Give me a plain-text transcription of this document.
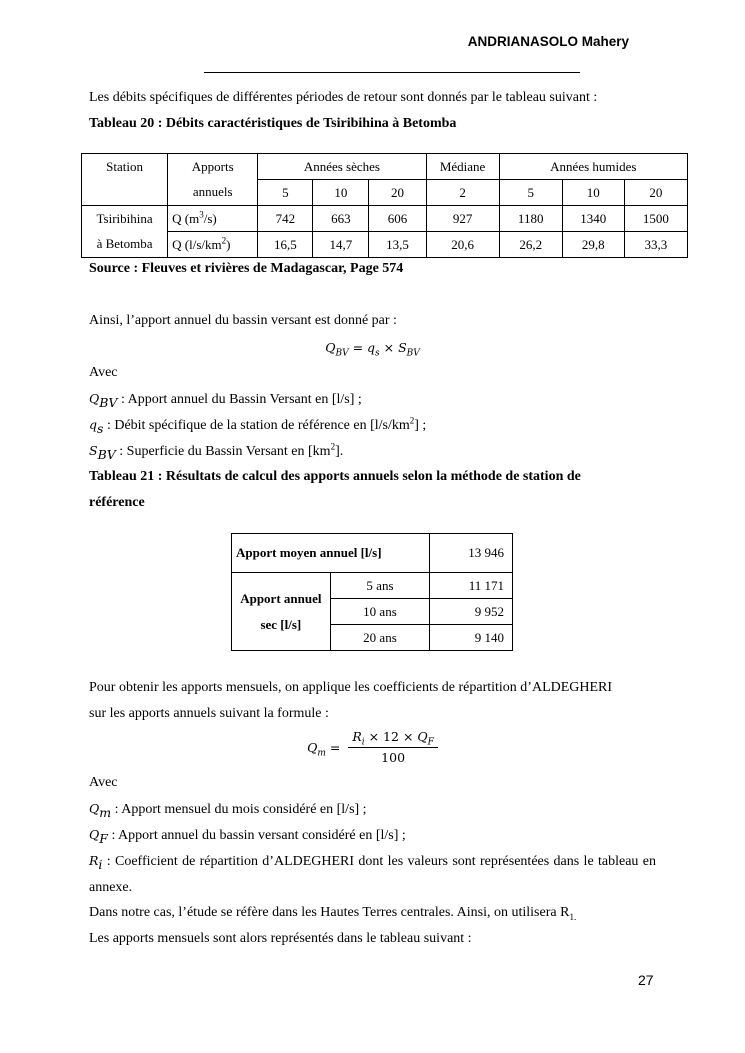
ANDRIANASOLO Mahery
Les débits spécifiques de différentes périodes de retour sont donnés par le tableau suivant :
Tableau 20 : Débits caractéristiques de Tsiribihina à Betomba
Station	Apports	Années sèches			Médiane	Années humides		
	annuels	5	10	20	2	5	10	20
Tsiribihina	Q $(m^3/s)$	742	663	606	927	1180	1340	1500
à Betomba	Q $(l/s/km^2)$	16,5	14,7	13,5	20,6	26,2	29,8	33,3
Source : Fleuves et rivières de Madagascar, Page 574
Ainsi, l’apport annuel du bassin versant est donné par :
$Q_{BV} = q_s \times S_{BV}$
Avec
$Q_{BV}$ : Apport annuel du Bassin Versant en [l/s] ;
$q_s$ : Débit spécifique de la station de référence en $[l/s/km^2]$ ;
$S_{BV}$ : Superficie du Bassin Versant en $[km^2]$.
Tableau 21 : Résultats de calcul des apports annuels selon la méthode de station de
référence
Apport moyen annuel [l/s]		13 946
Apport annuel
sec [l/s]	5 ans	11 171
	10 ans	9 952
	20 ans	9 140
Pour obtenir les apports mensuels, on applique les coefficients de répartition d’ALDEGHERI
sur les apports annuels suivant la formule :
$Q_m = \frac{R_i \times 12 \times Q_F}{100}$
Avec
$Q_m$ : Apport mensuel du mois considéré en [l/s] ;
$Q_F$ : Apport annuel du bassin versant considéré en [l/s] ;
$R_i$ : Coefficient de répartition d’ALDEGHERI dont les valeurs sont représentées dans le tableau en annexe.
Dans notre cas, l’étude se réfère dans les Hautes Terres centrales. Ainsi, on utilisera $R_{1.}$
Les apports mensuels sont alors représentés dans le tableau suivant :
27
